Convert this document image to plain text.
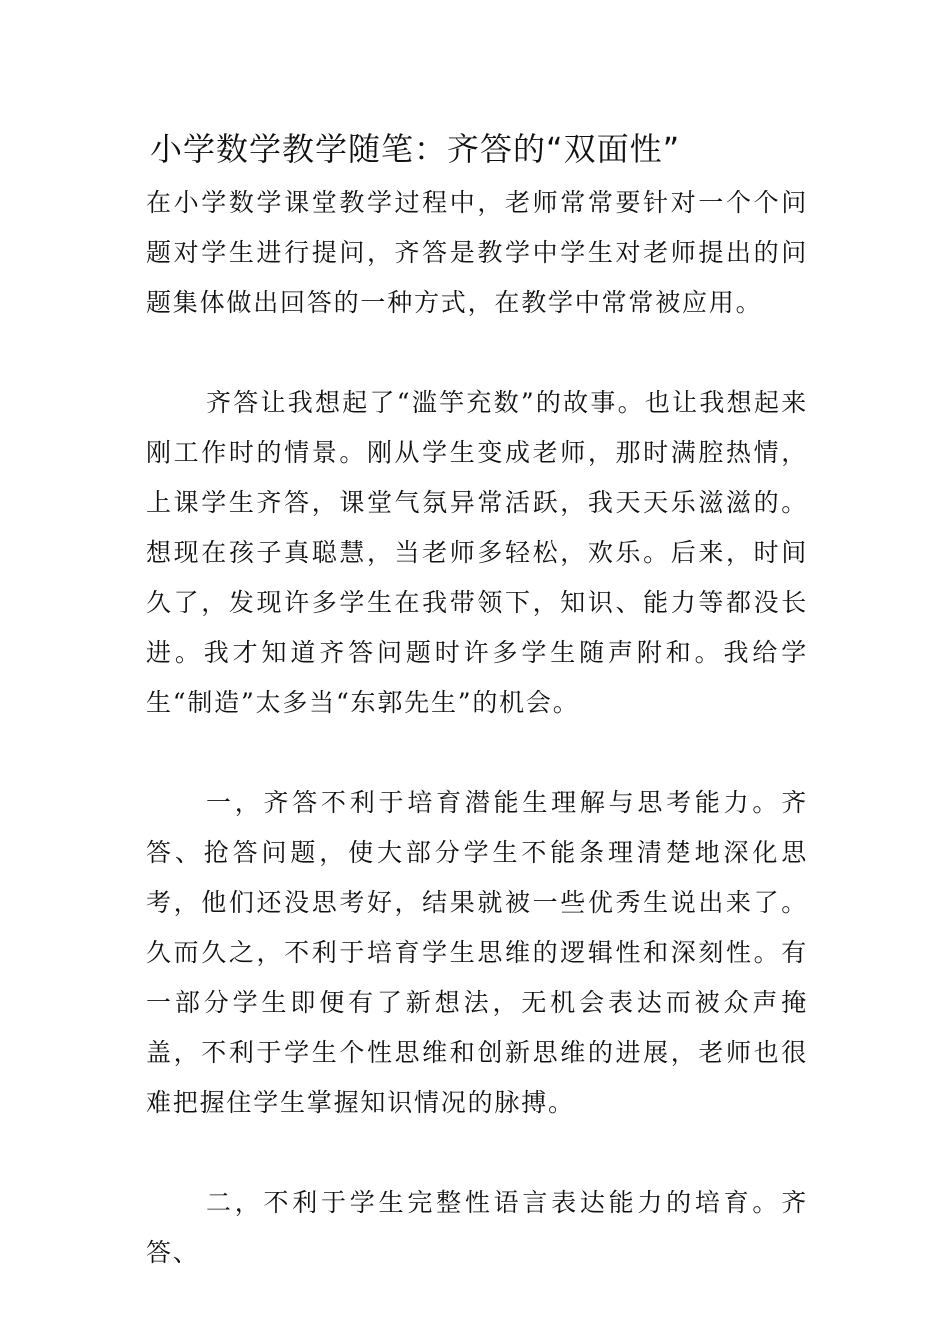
小学数学教学随笔：齐答的“双面性”

在小学数学课堂教学过程中，老师常常要针对一个个问题对学生进行提问，齐答是教学中学生对老师提出的问题集体做出回答的一种方式，在教学中常常被应用。

齐答让我想起了“滥竽充数”的故事。也让我想起来刚工作时的情景。刚从学生变成老师，那时满腔热情，上课学生齐答，课堂气氛异常活跃，我天天乐滋滋的。想现在孩子真聪慧，当老师多轻松，欢乐。后来，时间久了，发现许多学生在我带领下，知识、能力等都没长进。我才知道齐答问题时许多学生随声附和。我给学生“制造”太多当“东郭先生”的机会。

一，齐答不利于培育潜能生理解与思考能力。齐答、抢答问题，使大部分学生不能条理清楚地深化思考，他们还没思考好，结果就被一些优秀生说出来了。久而久之，不利于培育学生思维的逻辑性和深刻性。有一部分学生即便有了新想法，无机会表达而被众声掩盖，不利于学生个性思维和创新思维的进展，老师也很难把握住学生掌握知识情况的脉搏。

二，不利于学生完整性语言表达能力的培育。齐答、
